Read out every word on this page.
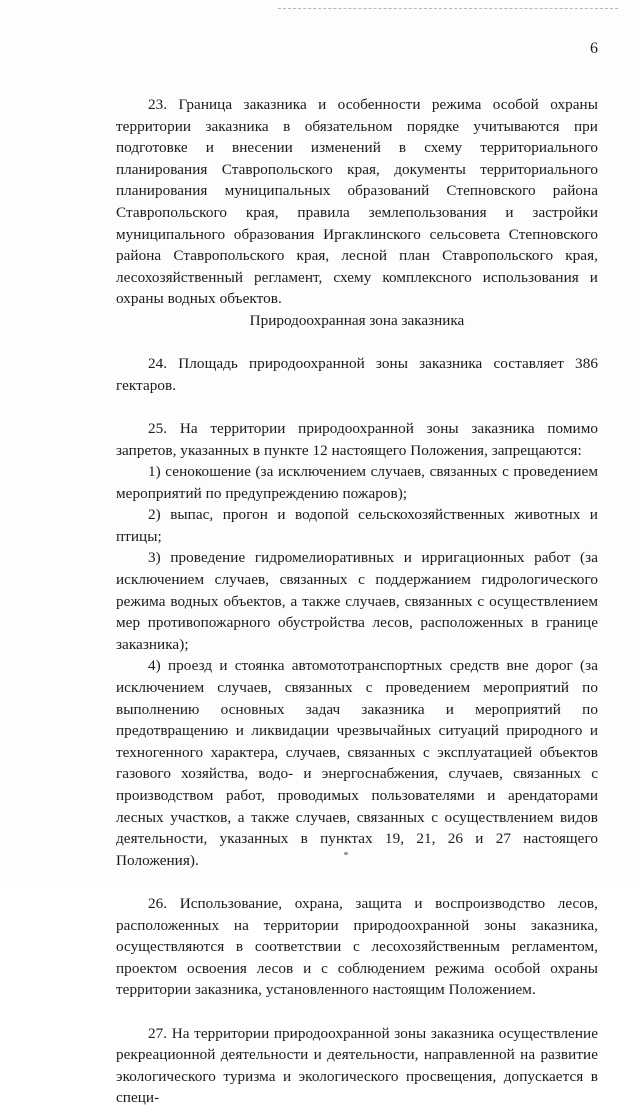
6

23. Граница заказника и особенности режима особой охраны территории заказника в обязательном порядке учитываются при подготовке и внесении изменений в схему территориального планирования Ставропольского края, документы территориального планирования муниципальных образований Степновского района Ставропольского края, правила землепользования и застройки муниципального образования Иргаклинского сельсовета Степновского района Ставропольского края, лесной план Ставропольского края, лесохозяйственный регламент, схему комплексного использования и охраны водных объектов.

Природоохранная зона заказника

24. Площадь природоохранной зоны заказника составляет 386 гектаров.

25. На территории природоохранной зоны заказника помимо запретов, указанных в пункте 12 настоящего Положения, запрещаются:

1) сенокошение (за исключением случаев, связанных с проведением мероприятий по предупреждению пожаров);

2) выпас, прогон и водопой сельскохозяйственных животных и птицы;

3) проведение гидромелиоративных и ирригационных работ (за исключением случаев, связанных с поддержанием гидрологического режима водных объектов, а также случаев, связанных с осуществлением мер противопожарного обустройства лесов, расположенных в границе заказника);

4) проезд и стоянка автомототранспортных средств вне дорог (за исключением случаев, связанных с проведением мероприятий по выполнению основных задач заказника и мероприятий по предотвращению и ликвидации чрезвычайных ситуаций природного и техногенного характера, случаев, связанных с эксплуатацией объектов газового хозяйства, водо- и энергоснабжения, случаев, связанных с производством работ, проводимых пользователями и арендаторами лесных участков, а также случаев, связанных с осуществлением видов деятельности, указанных в пунктах 19, 21, 26 и 27 настоящего Положения).

26. Использование, охрана, защита и воспроизводство лесов, расположенных на территории природоохранной зоны заказника, осуществляются в соответствии с лесохозяйственным регламентом, проектом освоения лесов и с соблюдением режима особой охраны территории заказника, установленного настоящим Положением.

27. На территории природоохранной зоны заказника осуществление рекреационной деятельности и деятельности, направленной на развитие экологического туризма и экологического просвещения, допускается в специ-
